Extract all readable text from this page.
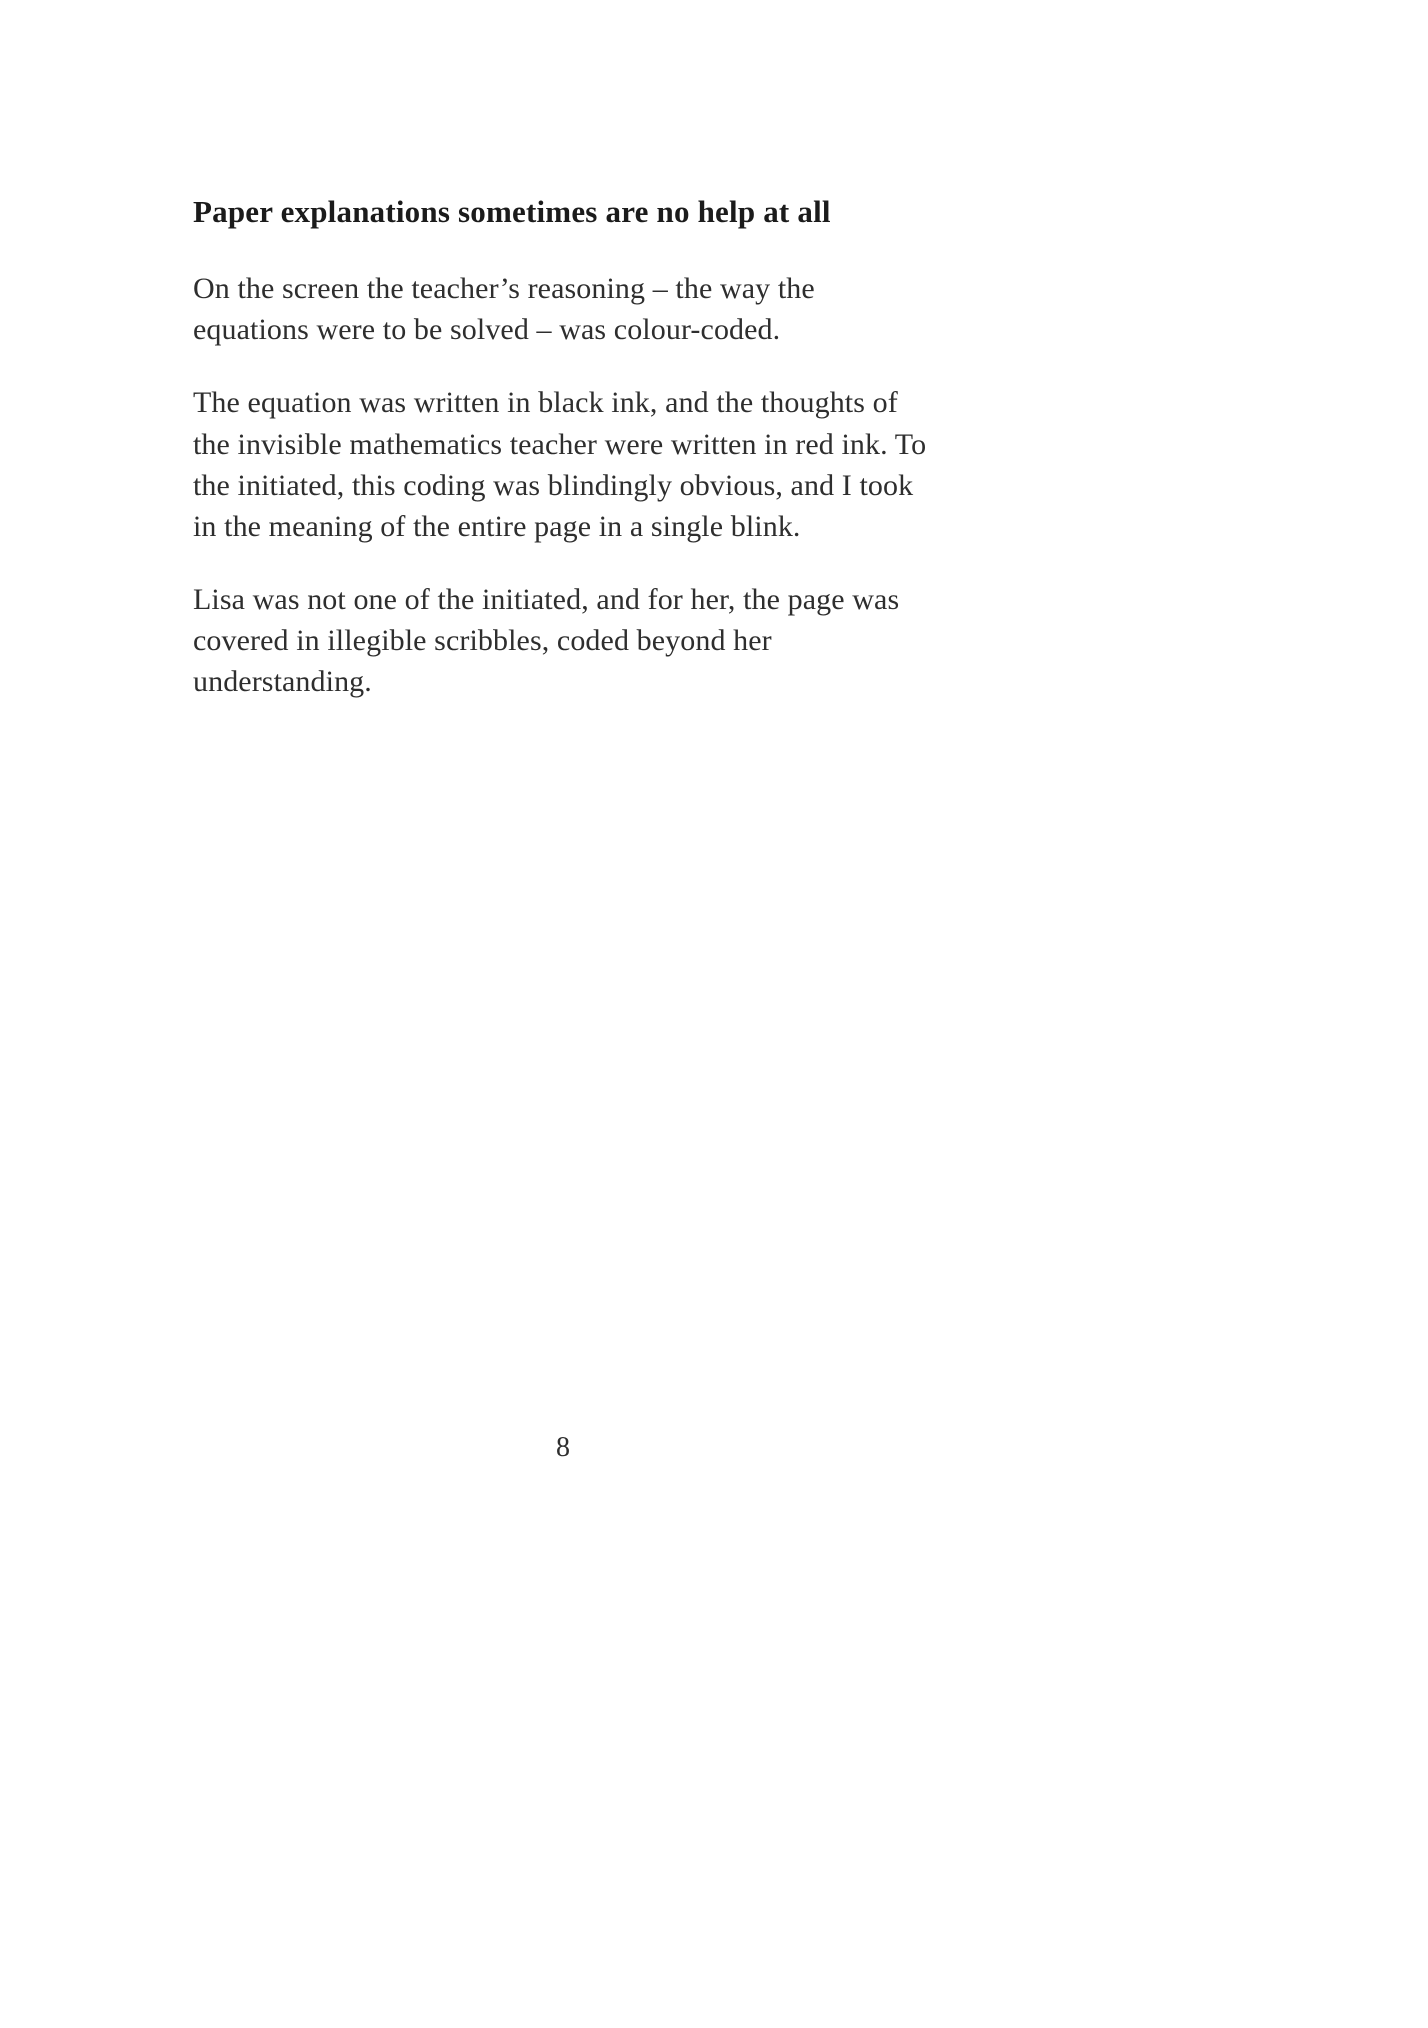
Paper explanations sometimes are no help at all

On the screen the teacher’s reasoning – the way the equations were to be solved – was colour-coded.

The equation was written in black ink, and the thoughts of the invisible mathematics teacher were written in red ink. To the initiated, this coding was blindingly obvious, and I took in the meaning of the entire page in a single blink.

Lisa was not one of the initiated, and for her, the page was covered in illegible scribbles, coded beyond her understanding.

8
